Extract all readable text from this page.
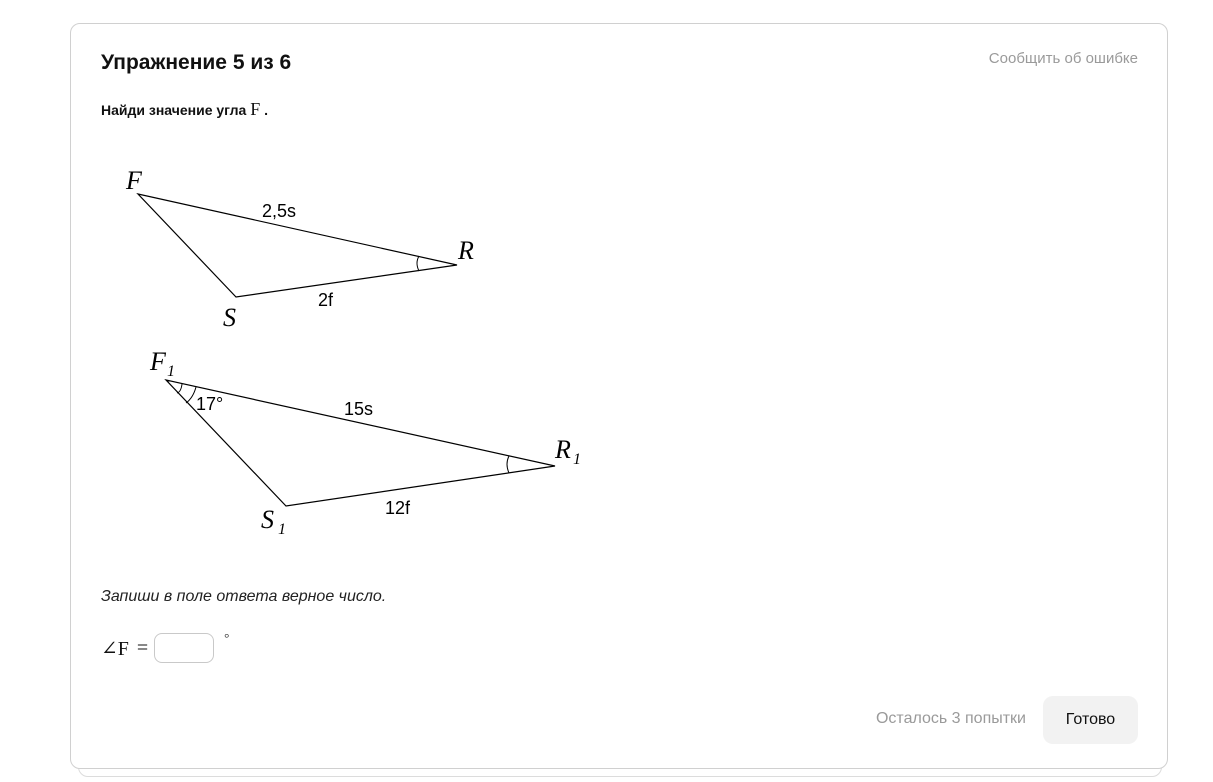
Упражнение 5 из 6	Сообщить об ошибке
Найди значение угла F .
Запиши в поле ответа верное число.
∠F =	°
Осталось 3 попытки	Готово
F
R
S
2,5s
2f
F 1
R 1
S 1
17°	15s
12f
